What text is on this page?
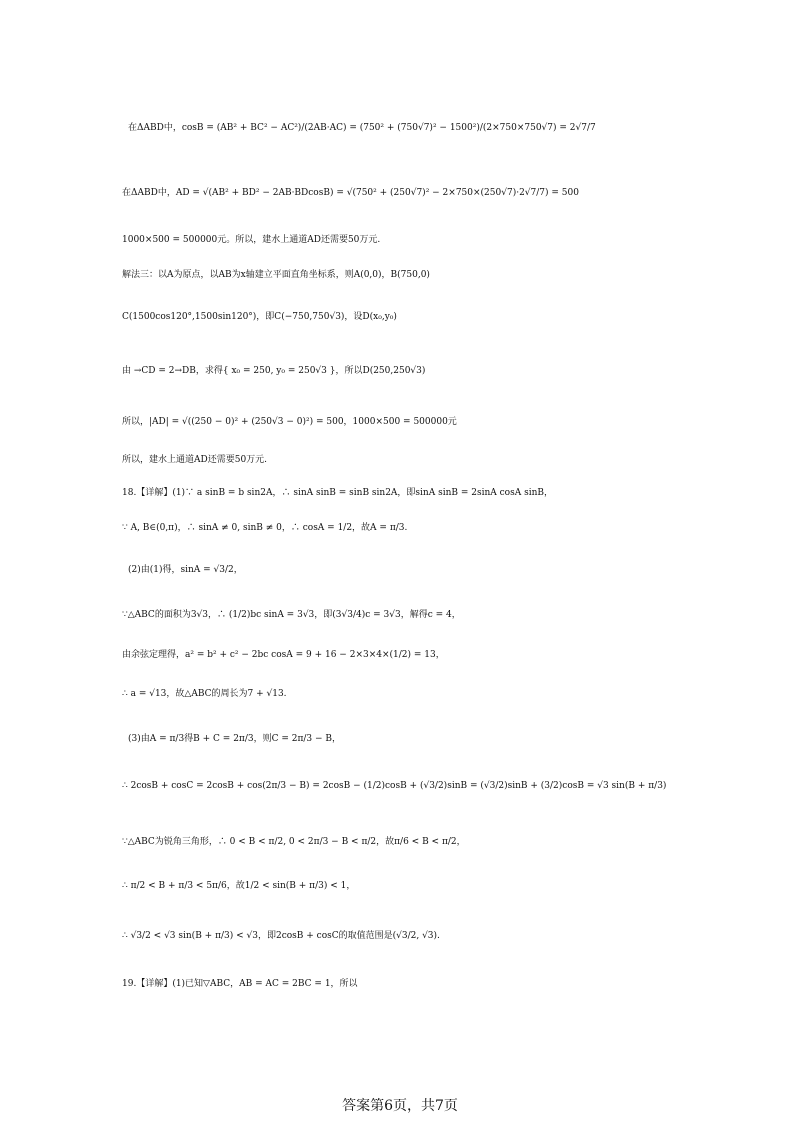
在ΔABD中，cosB = (AB² + BC² − AC²)/(2AB·AC) = (750² + (750√7)² − 1500²)/(2×750×750√7) = 2√7/7
在ΔABD中，AD = √(AB² + BD² − 2AB·BDcosB) = √(750² + (250√7)² − 2×750×(250√7)·2√7/7) = 500
1000×500 = 500000元。所以，建水上通道AD还需要50万元.
解法三：以A为原点，以AB为x轴建立平面直角坐标系，则A(0,0)，B(750,0)
C(1500cos120°,1500sin120°)，即C(−750,750√3)，设D(x₀,y₀)
由 →CD = 2→DB，求得{ x₀ = 250, y₀ = 250√3 }，所以D(250,250√3)
所以，|AD| = √((250 − 0)² + (250√3 − 0)²) = 500，1000×500 = 500000元
所以，建水上通道AD还需要50万元.
18.【详解】(1)∵ a sinB = b sin2A，∴ sinA sinB = sinB sin2A，即sinA sinB = 2sinA cosA sinB，
∵ A, B∈(0,π)，∴ sinA ≠ 0, sinB ≠ 0，∴ cosA = 1/2，故A = π/3.
(2)由(1)得，sinA = √3/2，
∵△ABC的面积为3√3，∴ (1/2)bc sinA = 3√3，即(3√3/4)c = 3√3，解得c = 4，
由余弦定理得，a² = b² + c² − 2bc cosA = 9 + 16 − 2×3×4×(1/2) = 13，
∴ a = √13，故△ABC的周长为7 + √13.
(3)由A = π/3得B + C = 2π/3，则C = 2π/3 − B，
∴ 2cosB + cosC = 2cosB + cos(2π/3 − B) = 2cosB − (1/2)cosB + (√3/2)sinB = (√3/2)sinB + (3/2)cosB = √3 sin(B + π/3)
∵△ABC为锐角三角形，∴ 0 < B < π/2, 0 < 2π/3 − B < π/2，故π/6 < B < π/2，
∴ π/2 < B + π/3 < 5π/6，故1/2 < sin(B + π/3) < 1，
∴ √3/2 < √3 sin(B + π/3) < √3，即2cosB + cosC的取值范围是(√3/2, √3).
19.【详解】(1)已知▽ABC，AB = AC = 2BC = 1，所以
答案第6页，共7页
